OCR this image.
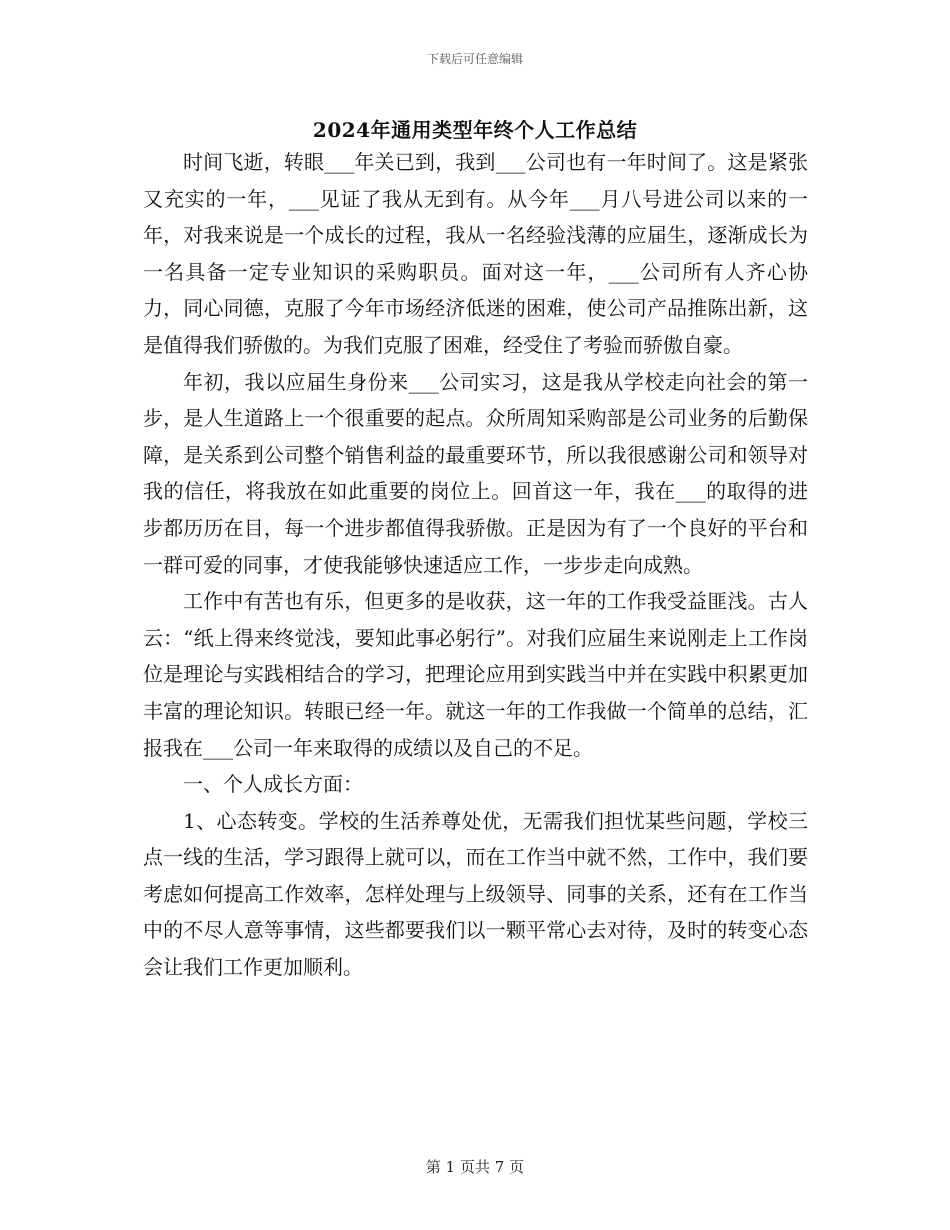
下载后可任意编辑
2024年通用类型年终个人工作总结

时间飞逝，转眼___年关已到，我到___公司也有一年时间了。这是紧张又充实的一年，___见证了我从无到有。从今年___月八号进公司以来的一年，对我来说是一个成长的过程，我从一名经验浅薄的应届生，逐渐成长为一名具备一定专业知识的采购职员。面对这一年，___公司所有人齐心协力，同心同德，克服了今年市场经济低迷的困难，使公司产品推陈出新，这是值得我们骄傲的。为我们克服了困难，经受住了考验而骄傲自豪。

年初，我以应届生身份来___公司实习，这是我从学校走向社会的第一步，是人生道路上一个很重要的起点。众所周知采购部是公司业务的后勤保障，是关系到公司整个销售利益的最重要环节，所以我很感谢公司和领导对我的信任，将我放在如此重要的岗位上。回首这一年，我在___的取得的进步都历历在目，每一个进步都值得我骄傲。正是因为有了一个良好的平台和一群可爱的同事，才使我能够快速适应工作，一步步走向成熟。

工作中有苦也有乐，但更多的是收获，这一年的工作我受益匪浅。古人云：“纸上得来终觉浅，要知此事必躬行”。对我们应届生来说刚走上工作岗位是理论与实践相结合的学习，把理论应用到实践当中并在实践中积累更加丰富的理论知识。转眼已经一年。就这一年的工作我做一个简单的总结，汇报我在___公司一年来取得的成绩以及自己的不足。

一、个人成长方面：

1、心态转变。学校的生活养尊处优，无需我们担忧某些问题，学校三点一线的生活，学习跟得上就可以，而在工作当中就不然，工作中，我们要考虑如何提高工作效率，怎样处理与上级领导、同事的关系，还有在工作当中的不尽人意等事情，这些都要我们以一颗平常心去对待，及时的转变心态会让我们工作更加顺利。

第 1 页共 7 页
